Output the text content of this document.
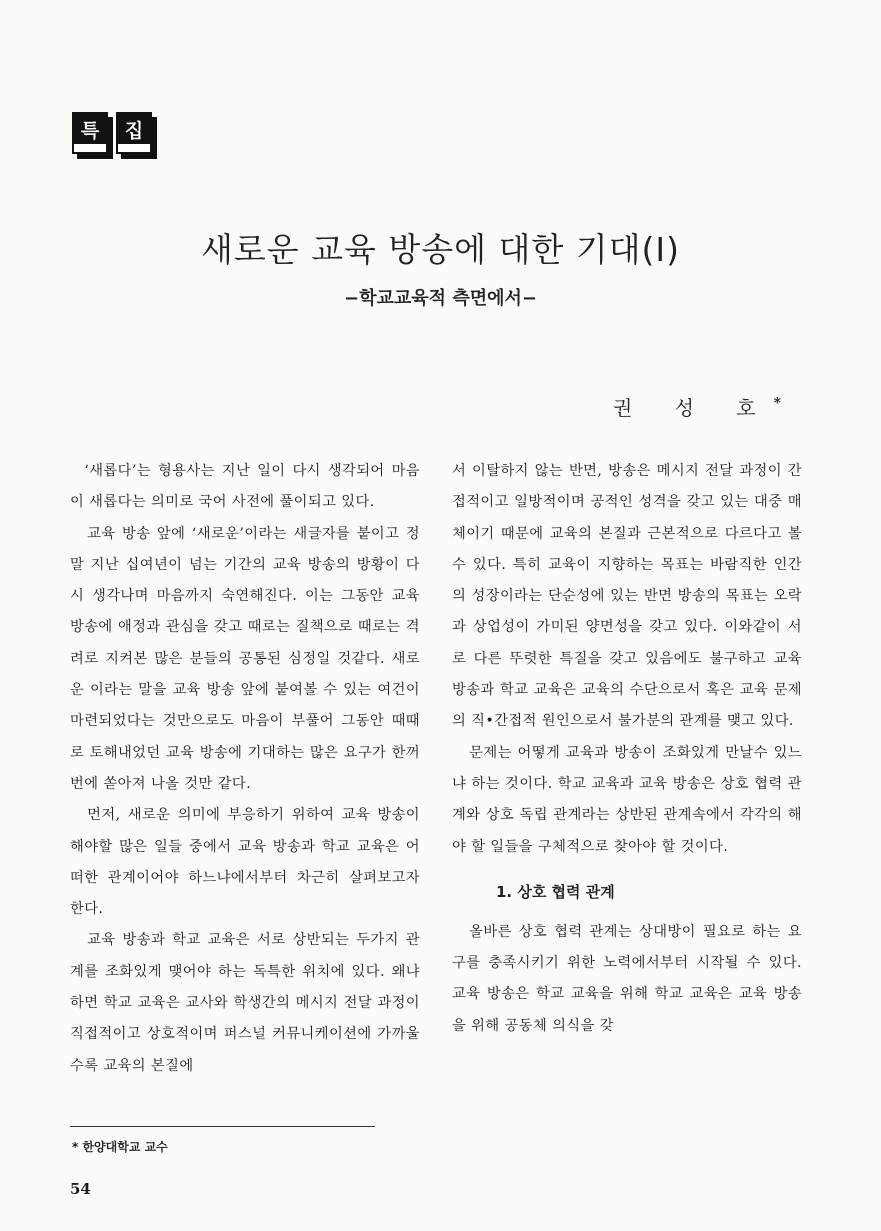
특	집
새로운 교육 방송에 대한 기대(Ⅰ)
−학교교육적 측면에서−
권 성 호*

‘새롭다’는 형용사는 지난 일이 다시 생각되어 마음이 새롭다는 의미로 국어 사전에 풀이되고 있다.

교육 방송 앞에 ‘새로운’이라는 새글자를 붙이고 정말 지난 십여년이 넘는 기간의 교육 방송의 방황이 다시 생각나며 마음까지 숙연해진다. 이는 그동안 교육 방송에 애정과 관심을 갖고 때로는 질책으로 때로는 격려로 지켜본 많은 분들의 공통된 심정일 것같다. 새로운 이라는 말을 교육 방송 앞에 붙여볼 수 있는 여건이 마련되었다는 것만으로도 마음이 부풀어 그동안 때때로 토해내었던 교육 방송에 기대하는 많은 요구가 한꺼번에 쏟아져 나올 것만 같다.

먼저, 새로운 의미에 부응하기 위하여 교육 방송이 해야할 많은 일들 중에서 교육 방송과 학교 교육은 어떠한 관계이어야 하느냐에서부터 차근히 살펴보고자 한다.

교육 방송과 학교 교육은 서로 상반되는 두가지 관계를 조화있게 맺어야 하는 독특한 위치에 있다. 왜냐하면 학교 교육은 교사와 학생간의 메시지 전달 과정이 직접적이고 상호적이며 퍼스널 커뮤니케이션에 가까울수록 교육의 본질에

서 이탈하지 않는 반면, 방송은 메시지 전달 과정이 간접적이고 일방적이며 공적인 성격을 갖고 있는 대중 매체이기 때문에 교육의 본질과 근본적으로 다르다고 볼 수 있다. 특히 교육이 지향하는 목표는 바람직한 인간의 성장이라는 단순성에 있는 반면 방송의 목표는 오락과 상업성이 가미된 양면성을 갖고 있다. 이와같이 서로 다른 뚜렷한 특질을 갖고 있음에도 불구하고 교육 방송과 학교 교육은 교육의 수단으로서 혹은 교육 문제의 직•간접적 원인으로서 불가분의 관계를 맺고 있다.

문제는 어떻게 교육과 방송이 조화있게 만날수 있느냐 하는 것이다. 학교 교육과 교육 방송은 상호 협력 관계와 상호 독립 관계라는 상반된 관계속에서 각각의 해야 할 일들을 구체적으로 찾아야 할 것이다.

1. 상호 협력 관계

올바른 상호 협력 관계는 상대방이 필요로 하는 요구를 충족시키기 위한 노력에서부터 시작될 수 있다. 교육 방송은 학교 교육을 위해 학교 교육은 교육 방송을 위해 공동체 의식을 갖

* 한양대학교 교수
54
